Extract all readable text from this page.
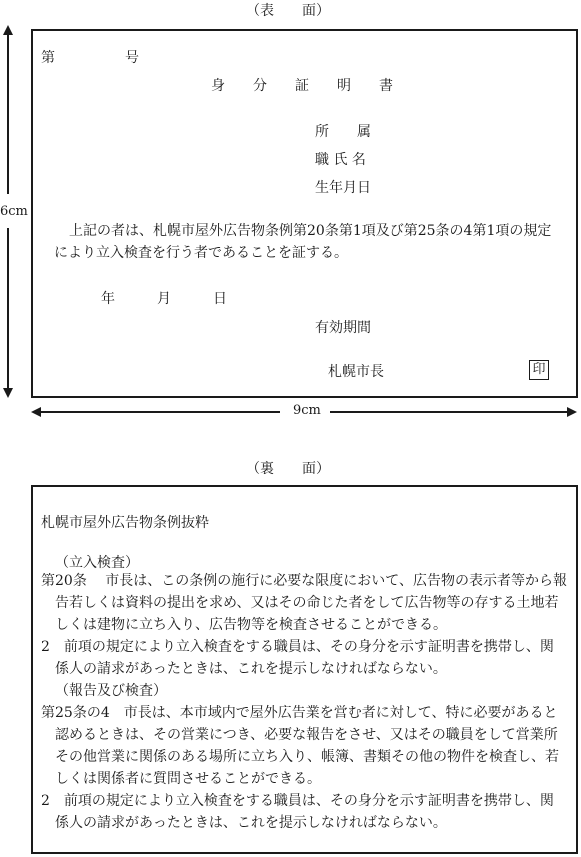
（表　　面）
6cm
第　　　　　号
身　　分　　証　　明　　書
所　　属
職 氏 名
生年月日
上記の者は、札幌市屋外広告物条例第20条第1項及び第25条の4第1項の規定
により立入検査を行う者であることを証する。
年　　　月　　　日
有効期間
札幌市長	印
9cm
（裏　　面）
札幌市屋外広告物条例抜粋
（立入検査）
第20条　 市長は、この条例の施行に必要な限度において、広告物の表示者等から報
告若しくは資料の提出を求め、又はその命じた者をして広告物等の存する土地若
しくは建物に立ち入り、広告物等を検査させることができる。
2　前項の規定により立入検査をする職員は、その身分を示す証明書を携帯し、関
係人の請求があったときは、これを提示しなければならない。
（報告及び検査）
第25条の4　市長は、本市域内で屋外広告業を営む者に対して、特に必要があると
認めるときは、その営業につき、必要な報告をさせ、又はその職員をして営業所
その他営業に関係のある場所に立ち入り、帳簿、書類その他の物件を検査し、若
しくは関係者に質問させることができる。
2　前項の規定により立入検査をする職員は、その身分を示す証明書を携帯し、関
係人の請求があったときは、これを提示しなければならない。
